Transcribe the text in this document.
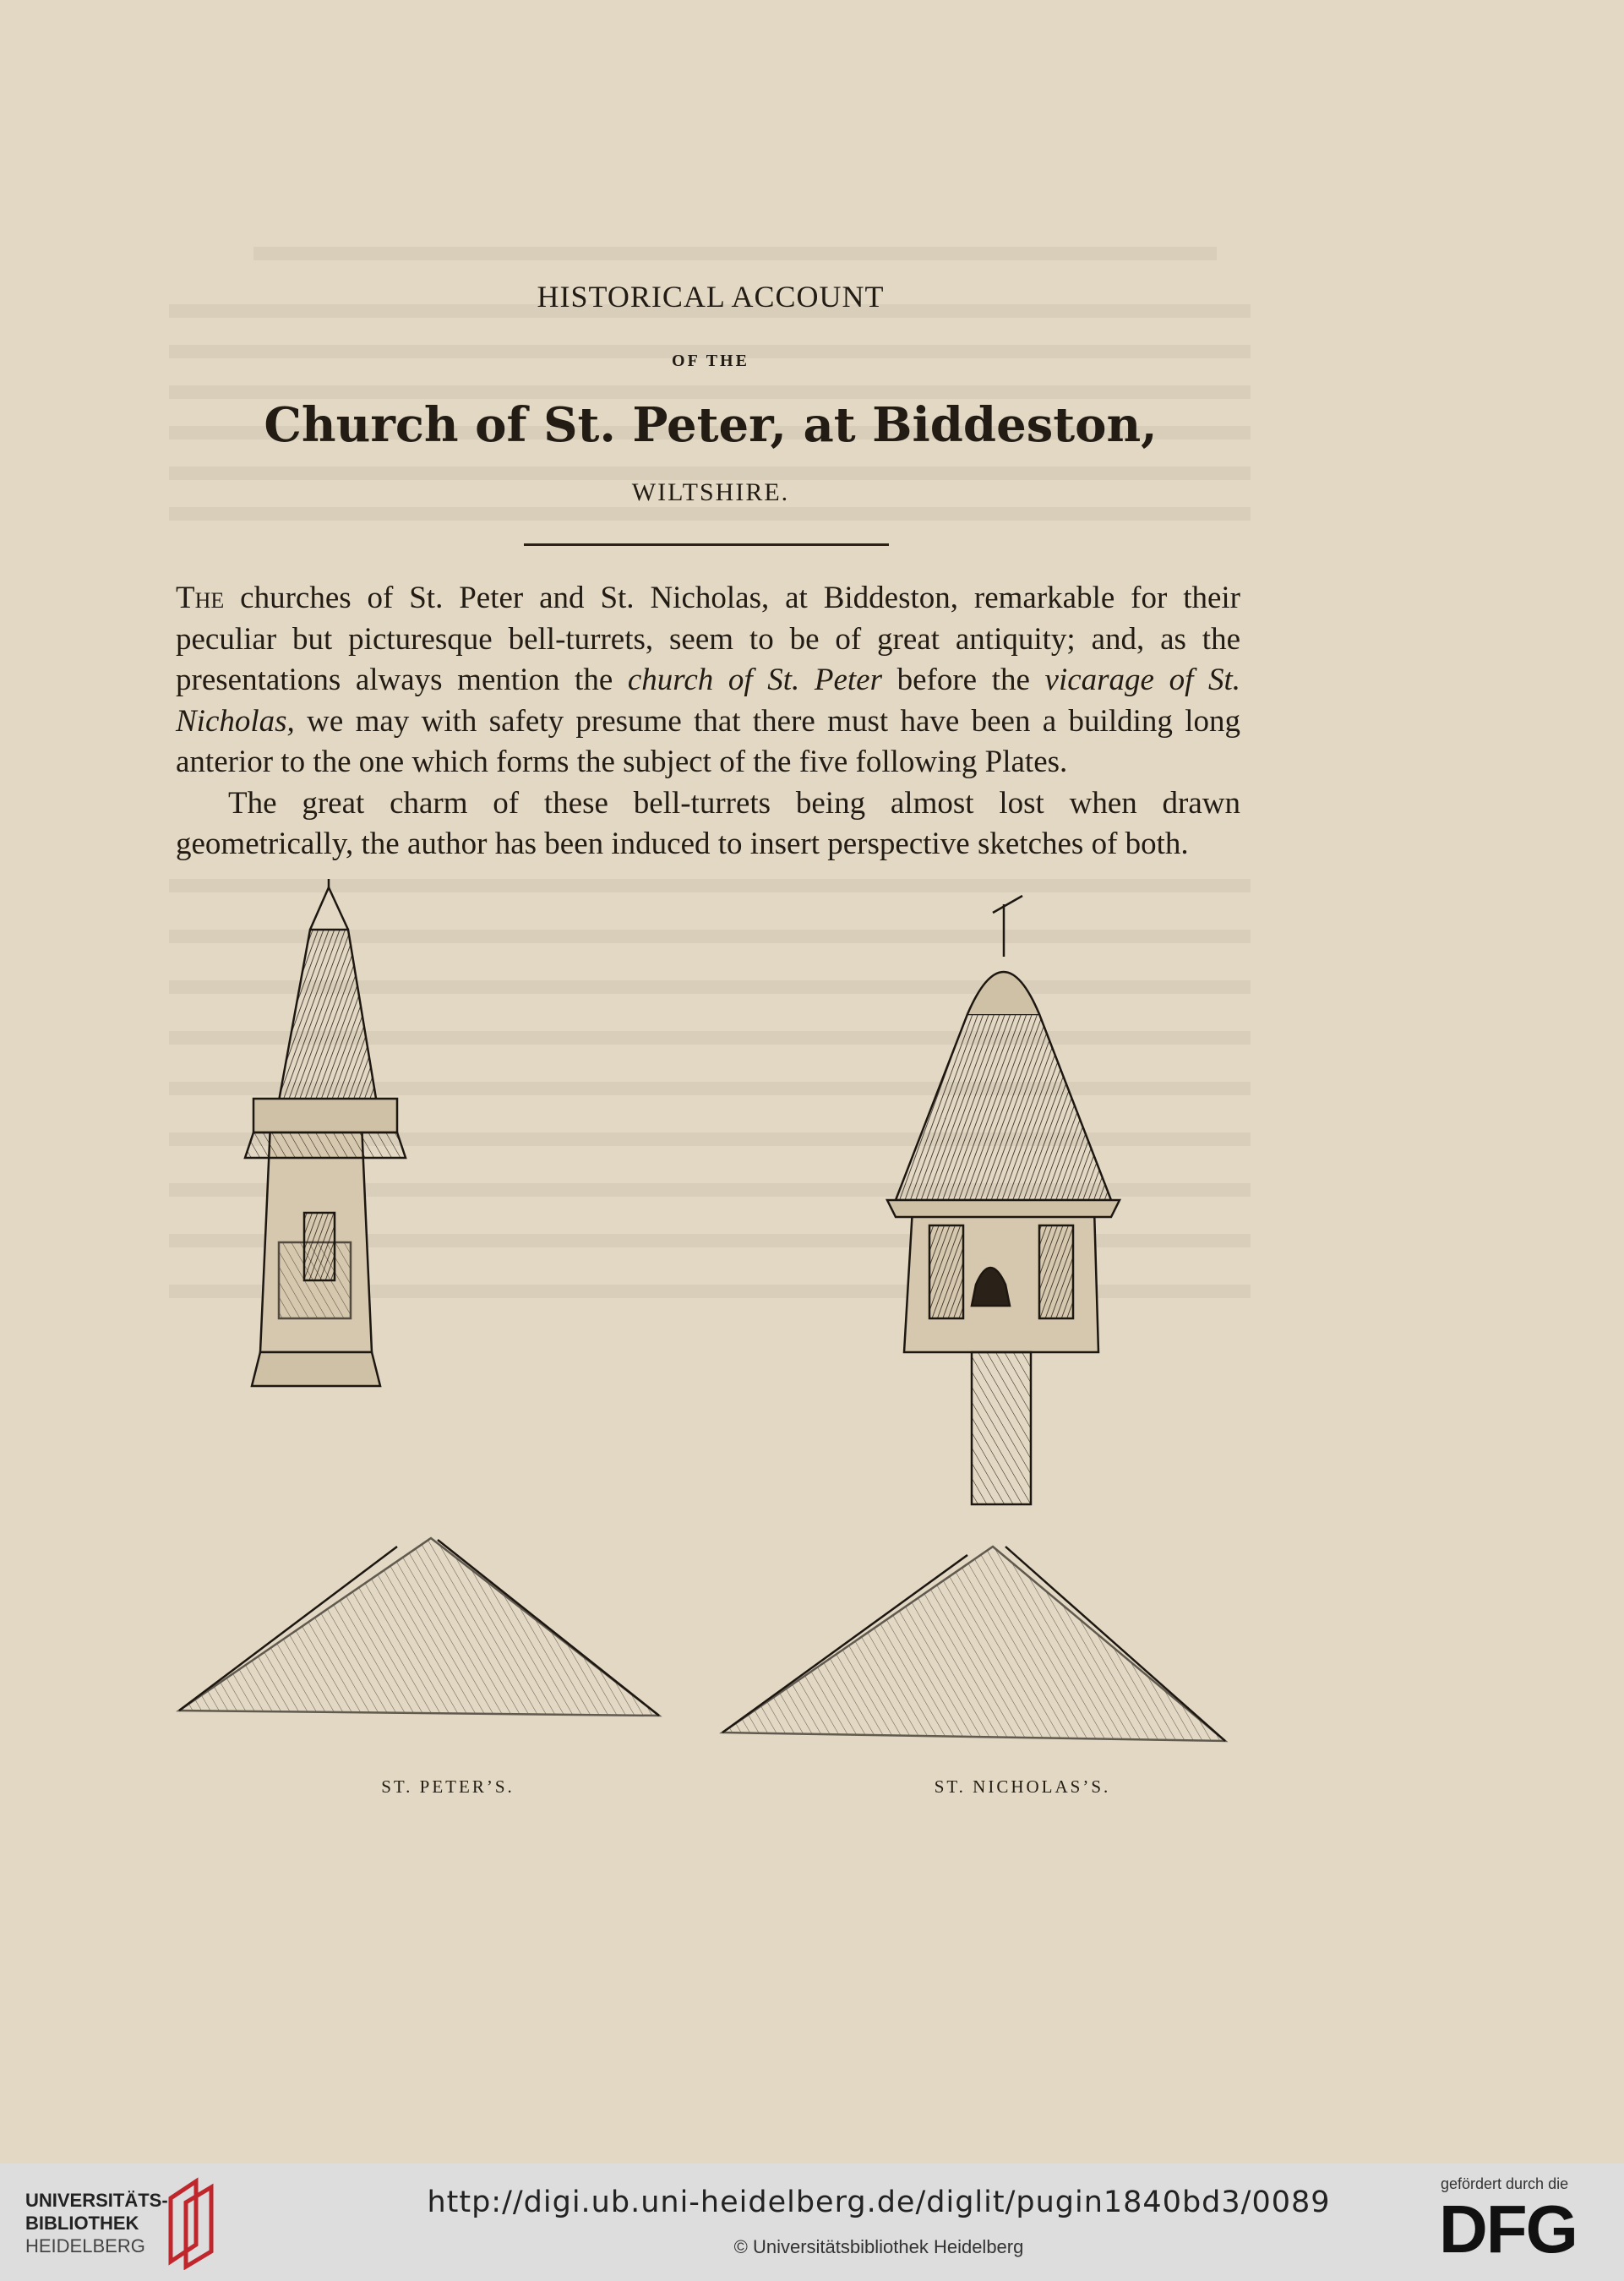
HISTORICAL ACCOUNT
OF THE
Church of St. Peter, at Biddeston,
WILTSHIRE.

The churches of St. Peter and St. Nicholas, at Biddeston, remarkable for their peculiar but picturesque bell-turrets, seem to be of great antiquity; and, as the presentations always mention the church of St. Peter before the vicarage of St. Nicholas, we may with safety presume that there must have been a building long anterior to the one which forms the subject of the five following Plates.

The great charm of these bell-turrets being almost lost when drawn geometrically, the author has been induced to insert perspective sketches of both.

ST. PETER’S.	ST. NICHOLAS’S.
UNIVERSITÄTS-
BIBLIOTHEK
HEIDELBERG
http://digi.ub.uni-heidelberg.de/diglit/pugin1840bd3/0089
© Universitätsbibliothek Heidelberg
gefördert durch die
DFG
